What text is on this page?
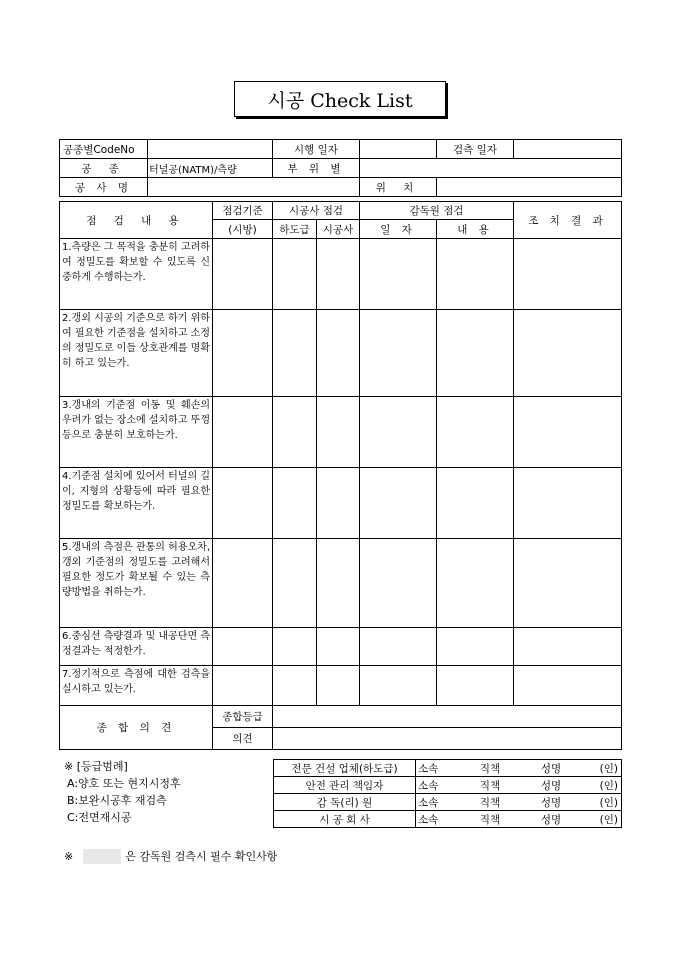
시공 Check List
공종별CodeNo		시행 일자		검측 일자	
공 종	터널공(NATM)/측량	부 위 별			
공 사 명			위 치		
점 검 내 용	점검기준	시공사 점검		감독원 점검		조 치 결 과
	(시방)	하도급	시공사	일 자	내 용	
1.측량은 그 목적을 충분히 고려하여 정밀도를 확보할 수 있도록 신중하게 수행하는가.						
2.갱외 시공의 기준으로 하기 위하여 필요한 기준점을 설치하고 소정의 정밀도로 이들 상호관계를 명확히 하고 있는가.						
3.갱내의 기준점 이동 및 훼손의 우려가 없는 장소에 설치하고 뚜껑등으로 충분히 보호하는가.						
4.기준점 설치에 있어서 터널의 길이, 지형의 상황등에 따라 필요한 정밀도를 확보하는가.						
5.갱내의 측점은 관통의 허용오차, 갱외 기준점의 정밀도를 고려해서 필요한 정도가 확보될 수 있는 측량방법을 취하는가.						
6.중심선 측량결과 및 내공단면 측정결과는 적정한가.						
7.정기적으로 측점에 대한 검측을 실시하고 있는가.						
종 합 의 견	종합등급					
	의견					
※ [등급범례]
A:양호 또는 현지시정후
B:보완시공후 재검측
C:전면재시공
전문 건설 업체(하도급)	소속 직책 성명 (인)
안전 관리 책임자	소속 직책 성명 (인)
감 독(리) 원	소속 직책 성명 (인)
시 공 회 사	소속 직책 성명 (인)
※	은 감독원 검측시 필수 확인사항
